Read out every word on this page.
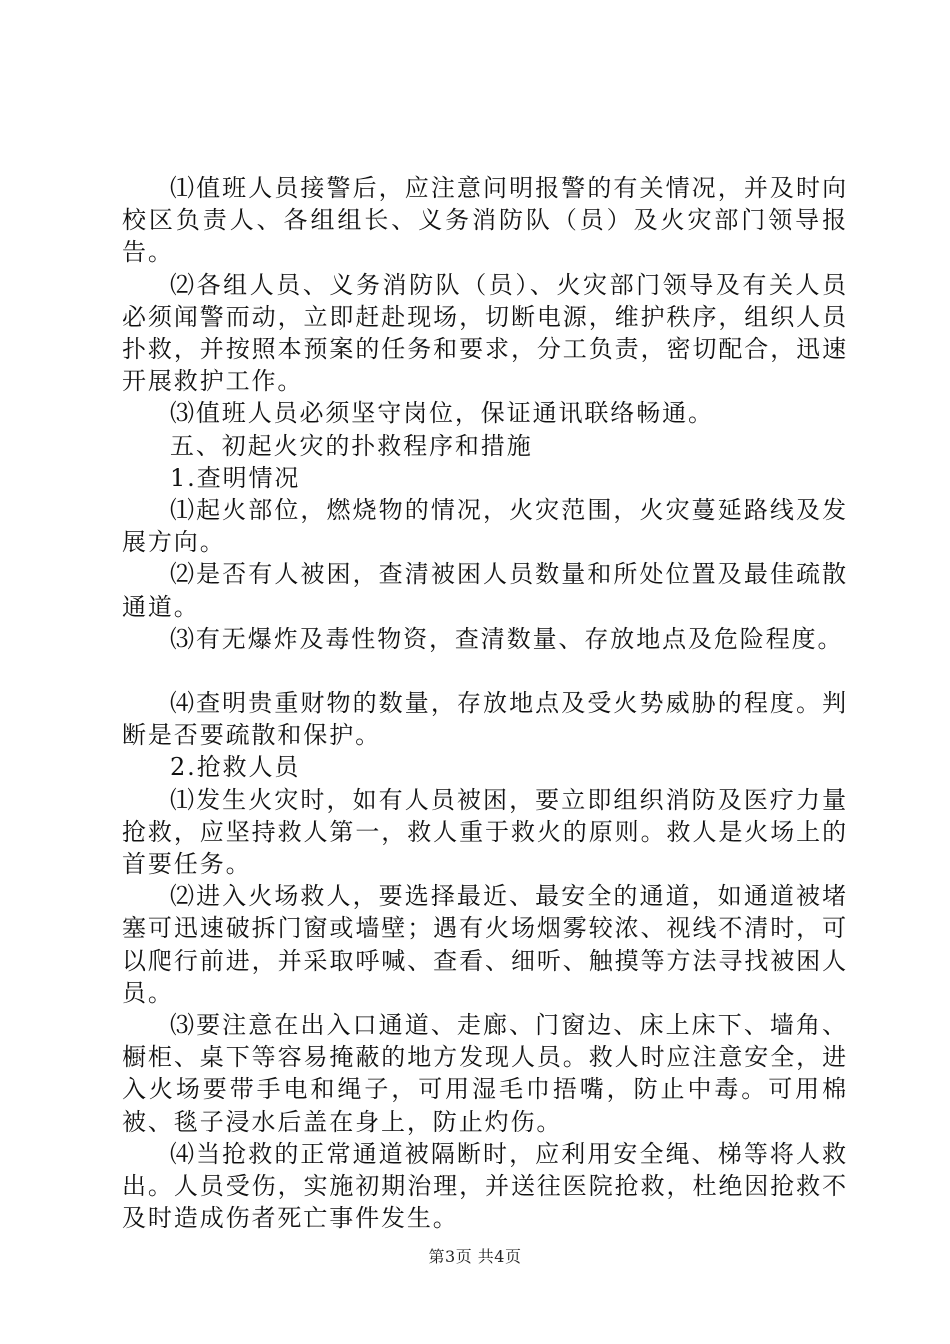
⑴值班人员接警后，应注意问明报警的有关情况，并及时向校区负责人、各组组长、义务消防队（员）及火灾部门领导报告。

⑵各组人员、义务消防队（员）、火灾部门领导及有关人员必须闻警而动，立即赶赴现场，切断电源，维护秩序，组织人员扑救，并按照本预案的任务和要求，分工负责，密切配合，迅速开展救护工作。

⑶值班人员必须坚守岗位，保证通讯联络畅通。

五、初起火灾的扑救程序和措施

1.查明情况

⑴起火部位，燃烧物的情况，火灾范围，火灾蔓延路线及发展方向。

⑵是否有人被困，查清被困人员数量和所处位置及最佳疏散通道。

⑶有无爆炸及毒性物资，查清数量、存放地点及危险程度。

⑷查明贵重财物的数量，存放地点及受火势威胁的程度。判断是否要疏散和保护。

2.抢救人员

⑴发生火灾时，如有人员被困，要立即组织消防及医疗力量抢救，应坚持救人第一，救人重于救火的原则。救人是火场上的首要任务。

⑵进入火场救人，要选择最近、最安全的通道，如通道被堵塞可迅速破拆门窗或墙壁；遇有火场烟雾较浓、视线不清时，可以爬行前进，并采取呼喊、查看、细听、触摸等方法寻找被困人员。

⑶要注意在出入口通道、走廊、门窗边、床上床下、墙角、橱柜、桌下等容易掩蔽的地方发现人员。救人时应注意安全，进入火场要带手电和绳子，可用湿毛巾捂嘴，防止中毒。可用棉被、毯子浸水后盖在身上，防止灼伤。

⑷当抢救的正常通道被隔断时，应利用安全绳、梯等将人救出。人员受伤，实施初期治理，并送往医院抢救，杜绝因抢救不及时造成伤者死亡事件发生。

第3页 共4页
